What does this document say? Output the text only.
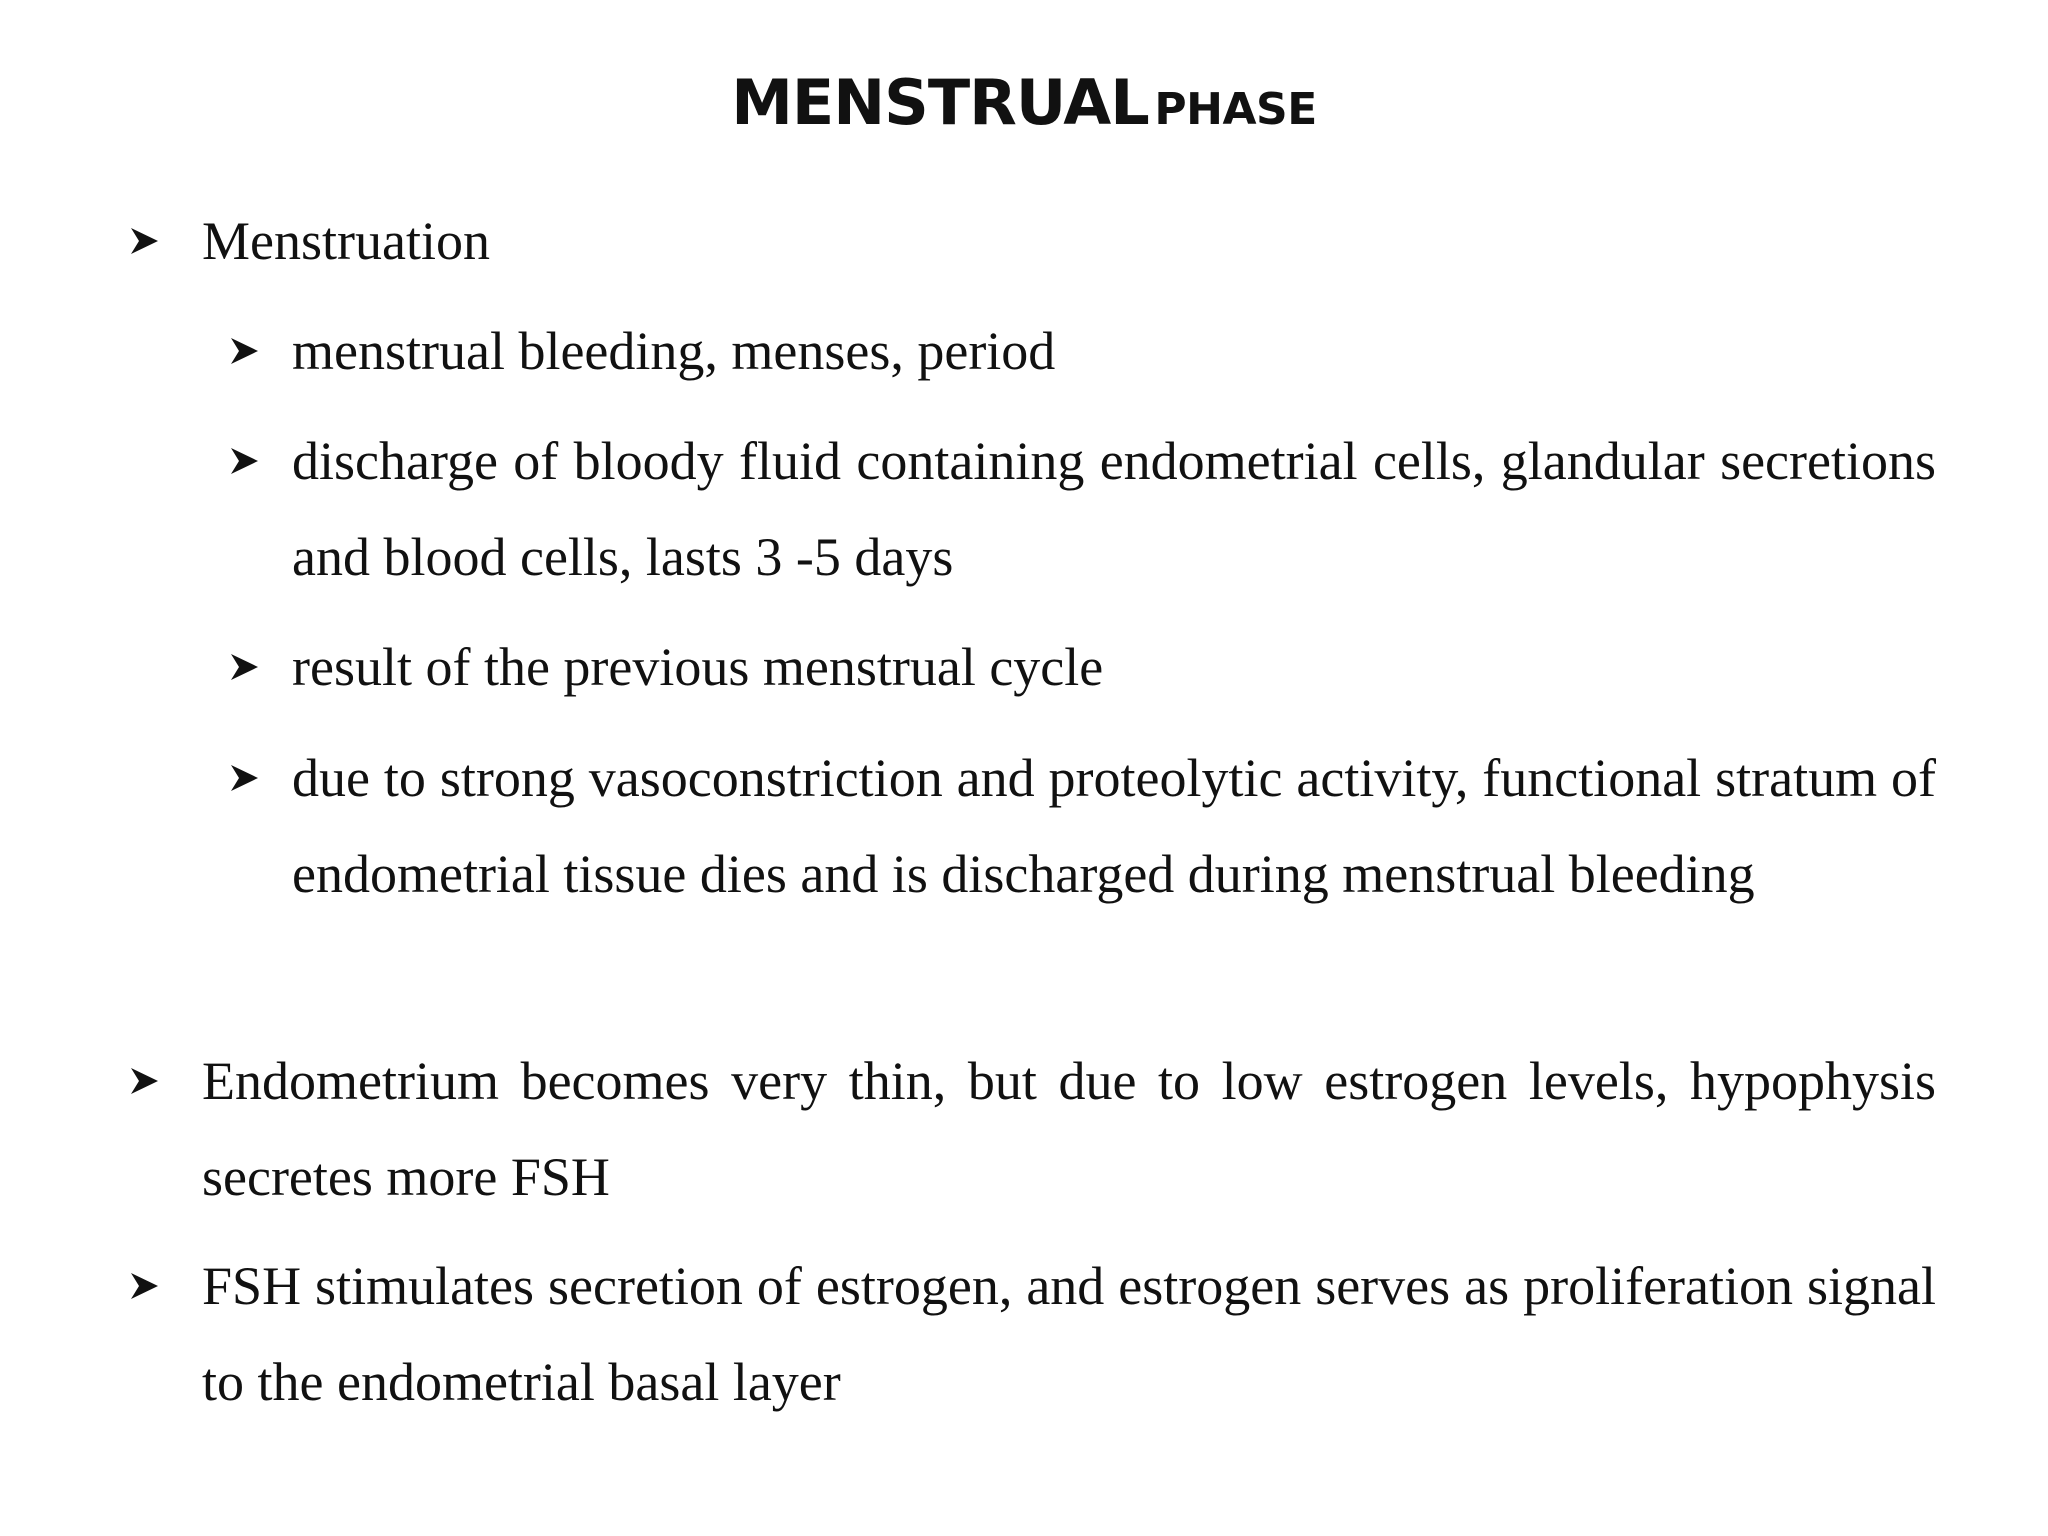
MENSTRUAL PHASE
Menstruation
menstrual bleeding, menses, period
discharge of bloody fluid containing endometrial cells, glandular secretions and blood cells, lasts 3 -5 days
result of the previous menstrual cycle
due to strong vasoconstriction and proteolytic activity, functional stratum of endometrial tissue dies and is discharged during menstrual bleeding
Endometrium becomes very thin, but due to low estrogen levels, hypophysis secretes more FSH
FSH stimulates secretion of estrogen, and estrogen serves as proliferation signal to the endometrial basal layer
